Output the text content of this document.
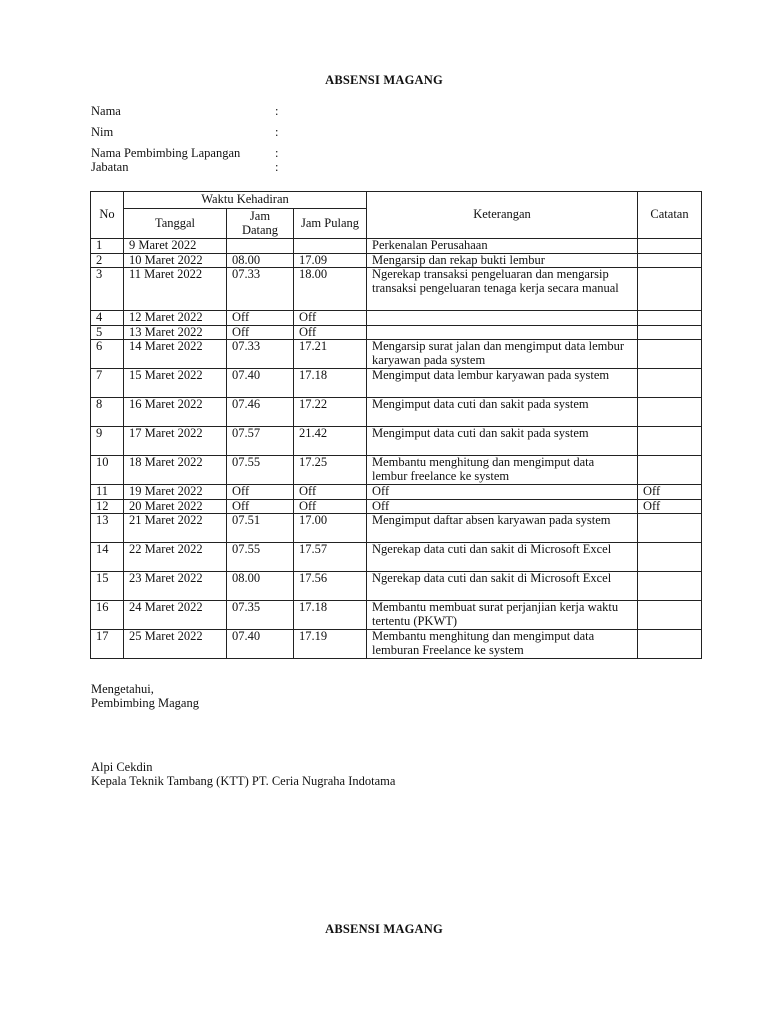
ABSENSI MAGANG
Nama	:
Nim	:
Nama Pembimbing Lapangan	:
Jabatan	:
No	Waktu Kehadiran			Keterangan	Catatan
	Tanggal	Jam Datang	Jam Pulang		
1	9 Maret 2022			Perkenalan Perusahaan	
2	10 Maret 2022	08.00	17.09	Mengarsip dan rekap bukti lembur	
3	11 Maret 2022	07.33	18.00	Ngerekap transaksi pengeluaran dan mengarsip transaksi pengeluaran tenaga kerja secara manual	
4	12 Maret 2022	Off	Off		
5	13 Maret 2022	Off	Off		
6	14 Maret 2022	07.33	17.21	Mengarsip surat jalan dan mengimput data lembur karyawan pada system	
7	15 Maret 2022	07.40	17.18	Mengimput data lembur karyawan pada system	
8	16 Maret 2022	07.46	17.22	Mengimput data cuti dan sakit pada system	
9	17 Maret 2022	07.57	21.42	Mengimput data cuti dan sakit pada system	
10	18 Maret 2022	07.55	17.25	Membantu menghitung dan mengimput data lembur freelance ke system	
11	19 Maret 2022	Off	Off	Off	Off
12	20 Maret 2022	Off	Off	Off	Off
13	21 Maret 2022	07.51	17.00	Mengimput daftar absen karyawan pada system	
14	22 Maret 2022	07.55	17.57	Ngerekap data cuti dan sakit di Microsoft Excel	
15	23 Maret 2022	08.00	17.56	Ngerekap data cuti dan sakit di Microsoft Excel	
16	24 Maret 2022	07.35	17.18	Membantu membuat surat perjanjian kerja waktu tertentu (PKWT)	
17	25 Maret 2022	07.40	17.19	Membantu menghitung dan mengimput data lemburan Freelance ke system	
Mengetahui,
Pembimbing Magang
Alpi Cekdin
Kepala Teknik Tambang (KTT) PT. Ceria Nugraha Indotama
ABSENSI MAGANG
